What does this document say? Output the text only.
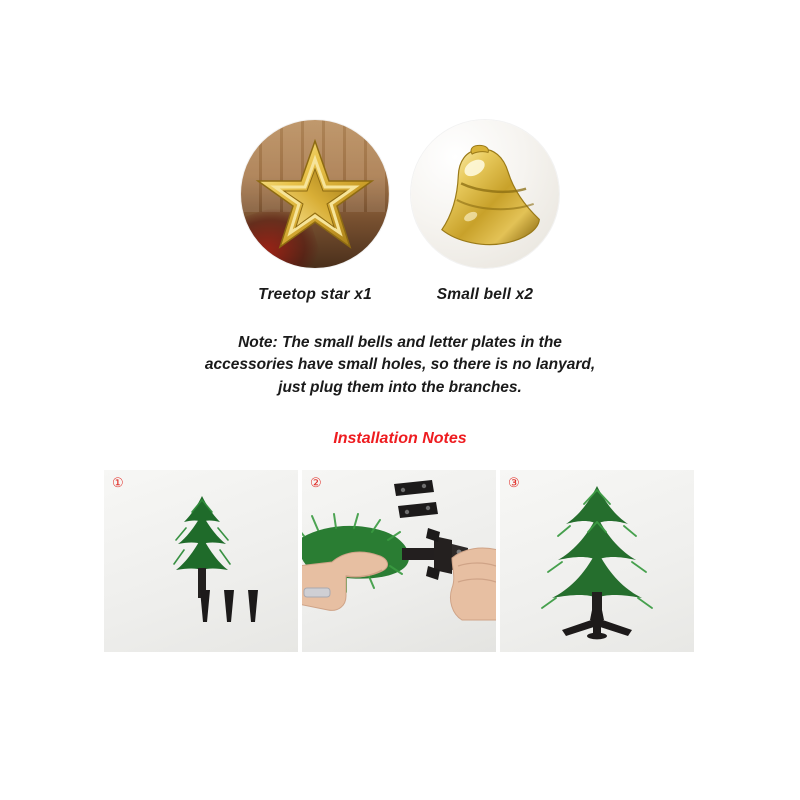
Treetop star x1	Small bell x2
Note: The small bells and letter plates in the
accessories have small holes, so there is no lanyard,
just plug them into the branches.
Installation Notes
①	②	③
